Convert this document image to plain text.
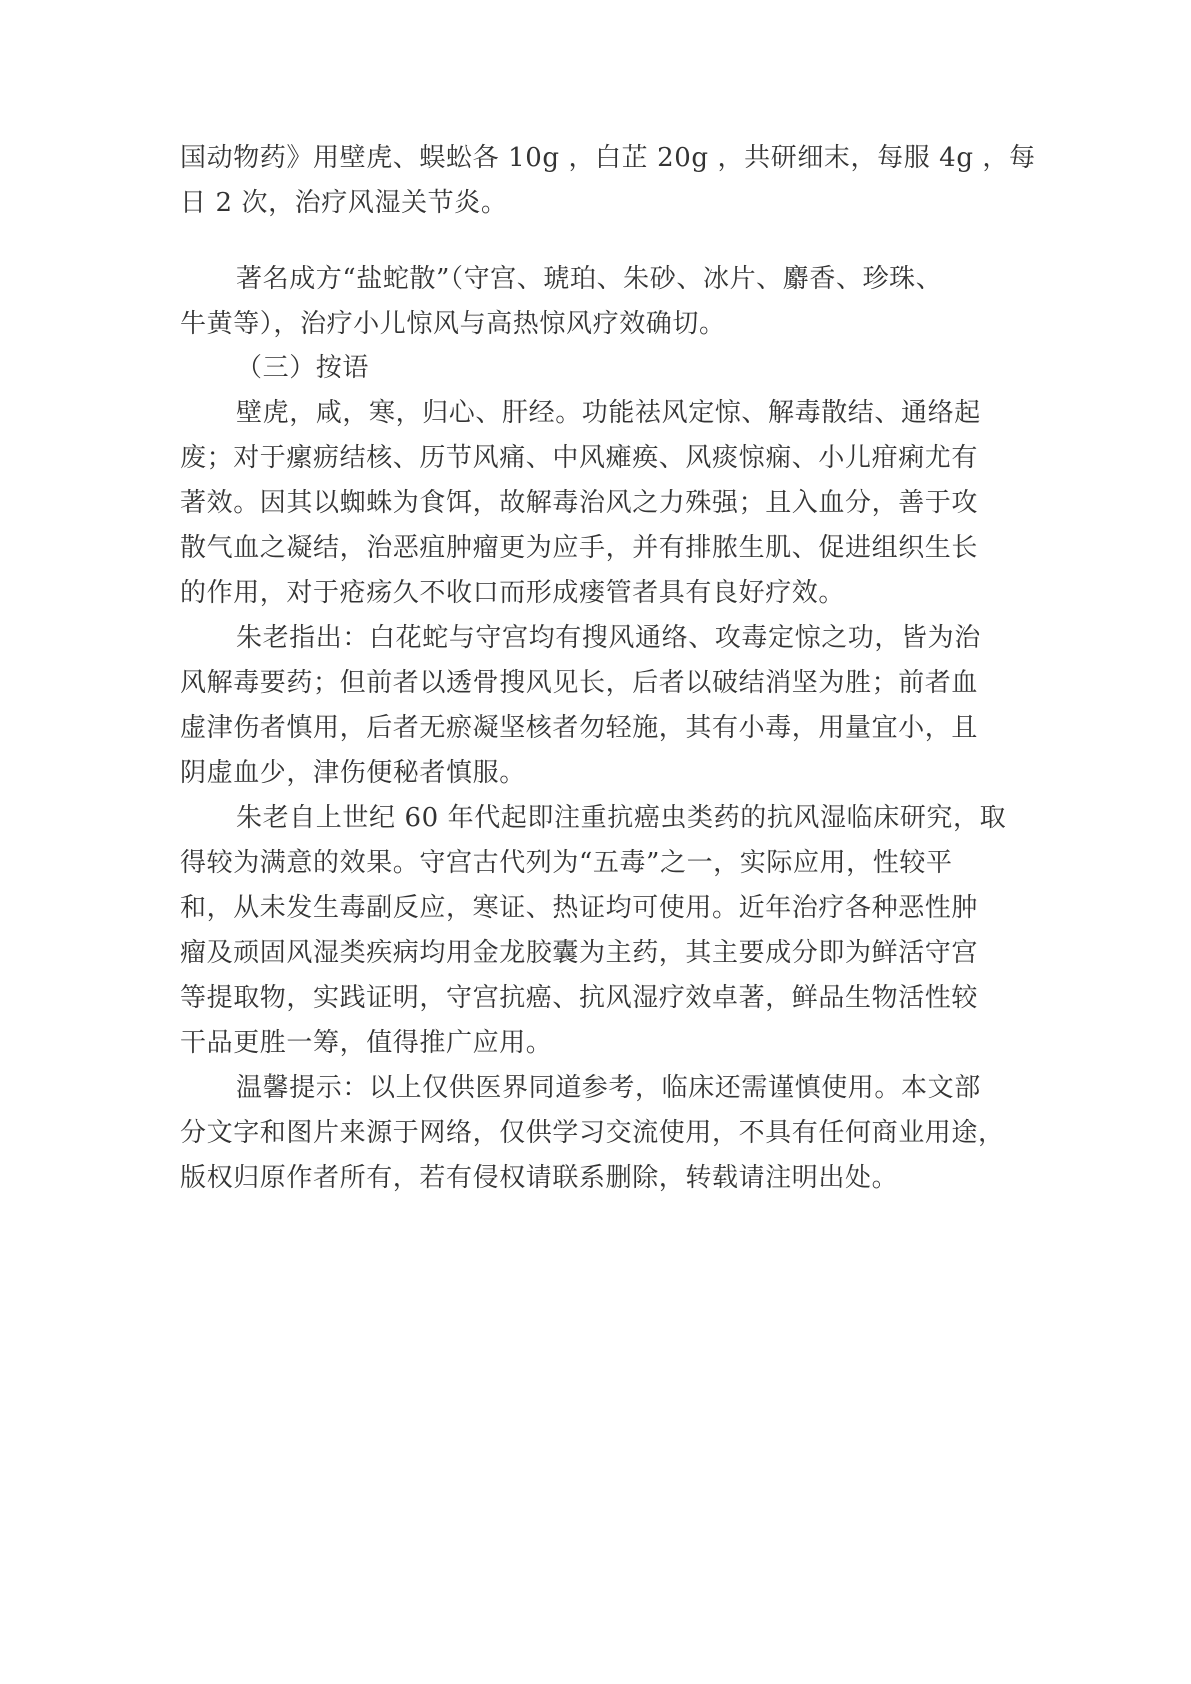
国动物药》用壁虎、蜈蚣各 10g ，白芷 20g ，共研细末，每服 4g ，每
日 2 次，治疗风湿关节炎。
著名成方“盐蛇散”（守宫、琥珀、朱砂、冰片、麝香、珍珠、
牛黄等），治疗小儿惊风与高热惊风疗效确切。
（三）按语
壁虎，咸，寒，归心、肝经。功能祛风定惊、解毒散结、通络起
废；对于瘰疬结核、历节风痛、中风瘫痪、风痰惊痫、小儿疳痢尤有
著效。因其以蜘蛛为食饵，故解毒治风之力殊强；且入血分，善于攻
散气血之凝结，治恶疽肿瘤更为应手，并有排脓生肌、促进组织生长
的作用，对于疮疡久不收口而形成瘘管者具有良好疗效。
朱老指出：白花蛇与守宫均有搜风通络、攻毒定惊之功，皆为治
风解毒要药；但前者以透骨搜风见长，后者以破结消坚为胜；前者血
虚津伤者慎用，后者无瘀凝坚核者勿轻施，其有小毒，用量宜小，且
阴虚血少，津伤便秘者慎服。
朱老自上世纪 60 年代起即注重抗癌虫类药的抗风湿临床研究，取
得较为满意的效果。守宫古代列为“五毒”之一，实际应用，性较平
和，从未发生毒副反应，寒证、热证均可使用。近年治疗各种恶性肿
瘤及顽固风湿类疾病均用金龙胶囊为主药，其主要成分即为鲜活守宫
等提取物，实践证明，守宫抗癌、抗风湿疗效卓著，鲜品生物活性较
干品更胜一筹，值得推广应用。
温馨提示：以上仅供医界同道参考，临床还需谨慎使用。本文部
分文字和图片来源于网络，仅供学习交流使用，不具有任何商业用途，
版权归原作者所有，若有侵权请联系删除，转载请注明出处。
